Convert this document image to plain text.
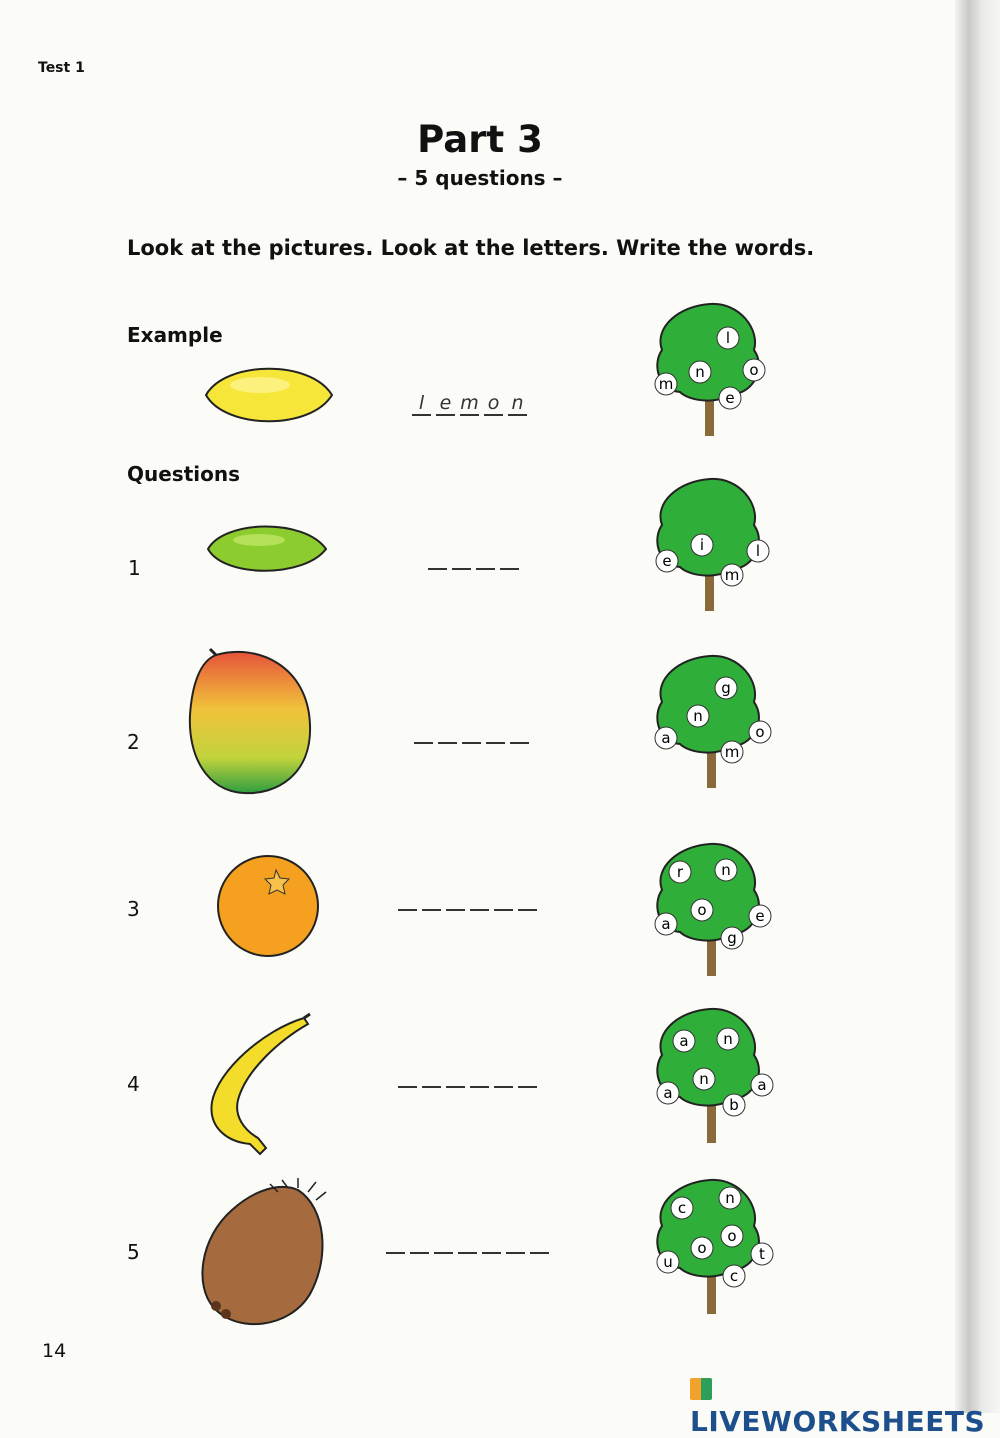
Test 1
Part 3
– 5 questions –
Look at the pictures. Look at the letters. Write the words.
Example
l e m o n
l
m
n	o
e
Questions
1
i
e
l
m
2
g
n
a	o
m
3
r	n
o
a	e
g
4
a n
n
a	a
b
5
c
n
o
o
u
c
t
14
LIVEWORKSHEETS
